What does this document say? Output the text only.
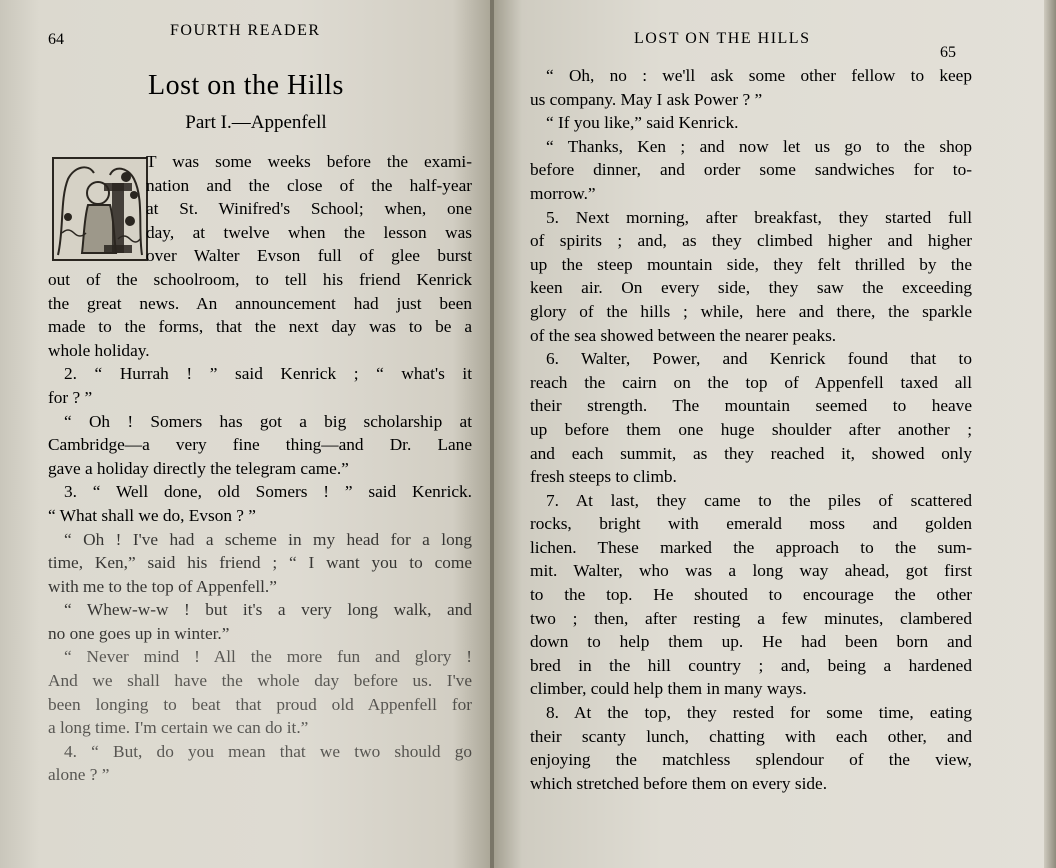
64
FOURTH READER
Lost on the Hills
Part I.—Appenfell
T was some weeks before the exami-
nation and the close of the half-year
at St. Winifred's School; when, one
day, at twelve when the lesson was
over Walter Evson full of glee burst
out of the schoolroom, to tell his friend Kenrick
the great news. An announcement had just been
made to the forms, that the next day was to be a
whole holiday.
2. “ Hurrah ! ” said Kenrick ; “ what's it
for ? ”
“ Oh ! Somers has got a big scholarship at
Cambridge—a very fine thing—and Dr. Lane
gave a holiday directly the telegram came.”
3. “ Well done, old Somers ! ” said Kenrick.
“ What shall we do, Evson ? ”
“ Oh ! I've had a scheme in my head for a long
time, Ken,” said his friend ; “ I want you to come
with me to the top of Appenfell.”
“ Whew-w-w ! but it's a very long walk, and
no one goes up in winter.”
“ Never mind ! All the more fun and glory !
And we shall have the whole day before us. I've
been longing to beat that proud old Appenfell for
a long time. I'm certain we can do it.”
4. “ But, do you mean that we two should go
alone ? ”
LOST ON THE HILLS
65
“ Oh, no : we'll ask some other fellow to keep
us company. May I ask Power ? ”
“ If you like,” said Kenrick.
“ Thanks, Ken ; and now let us go to the shop
before dinner, and order some sandwiches for to-
morrow.”
5. Next morning, after breakfast, they started full
of spirits ; and, as they climbed higher and higher
up the steep mountain side, they felt thrilled by the
keen air. On every side, they saw the exceeding
glory of the hills ; while, here and there, the sparkle
of the sea showed between the nearer peaks.
6. Walter, Power, and Kenrick found that to
reach the cairn on the top of Appenfell taxed all
their strength. The mountain seemed to heave
up before them one huge shoulder after another ;
and each summit, as they reached it, showed only
fresh steeps to climb.
7. At last, they came to the piles of scattered
rocks, bright with emerald moss and golden
lichen. These marked the approach to the sum-
mit. Walter, who was a long way ahead, got first
to the top. He shouted to encourage the other
two ; then, after resting a few minutes, clambered
down to help them up. He had been born and
bred in the hill country ; and, being a hardened
climber, could help them in many ways.
8. At the top, they rested for some time, eating
their scanty lunch, chatting with each other, and
enjoying the matchless splendour of the view,
which stretched before them on every side.
